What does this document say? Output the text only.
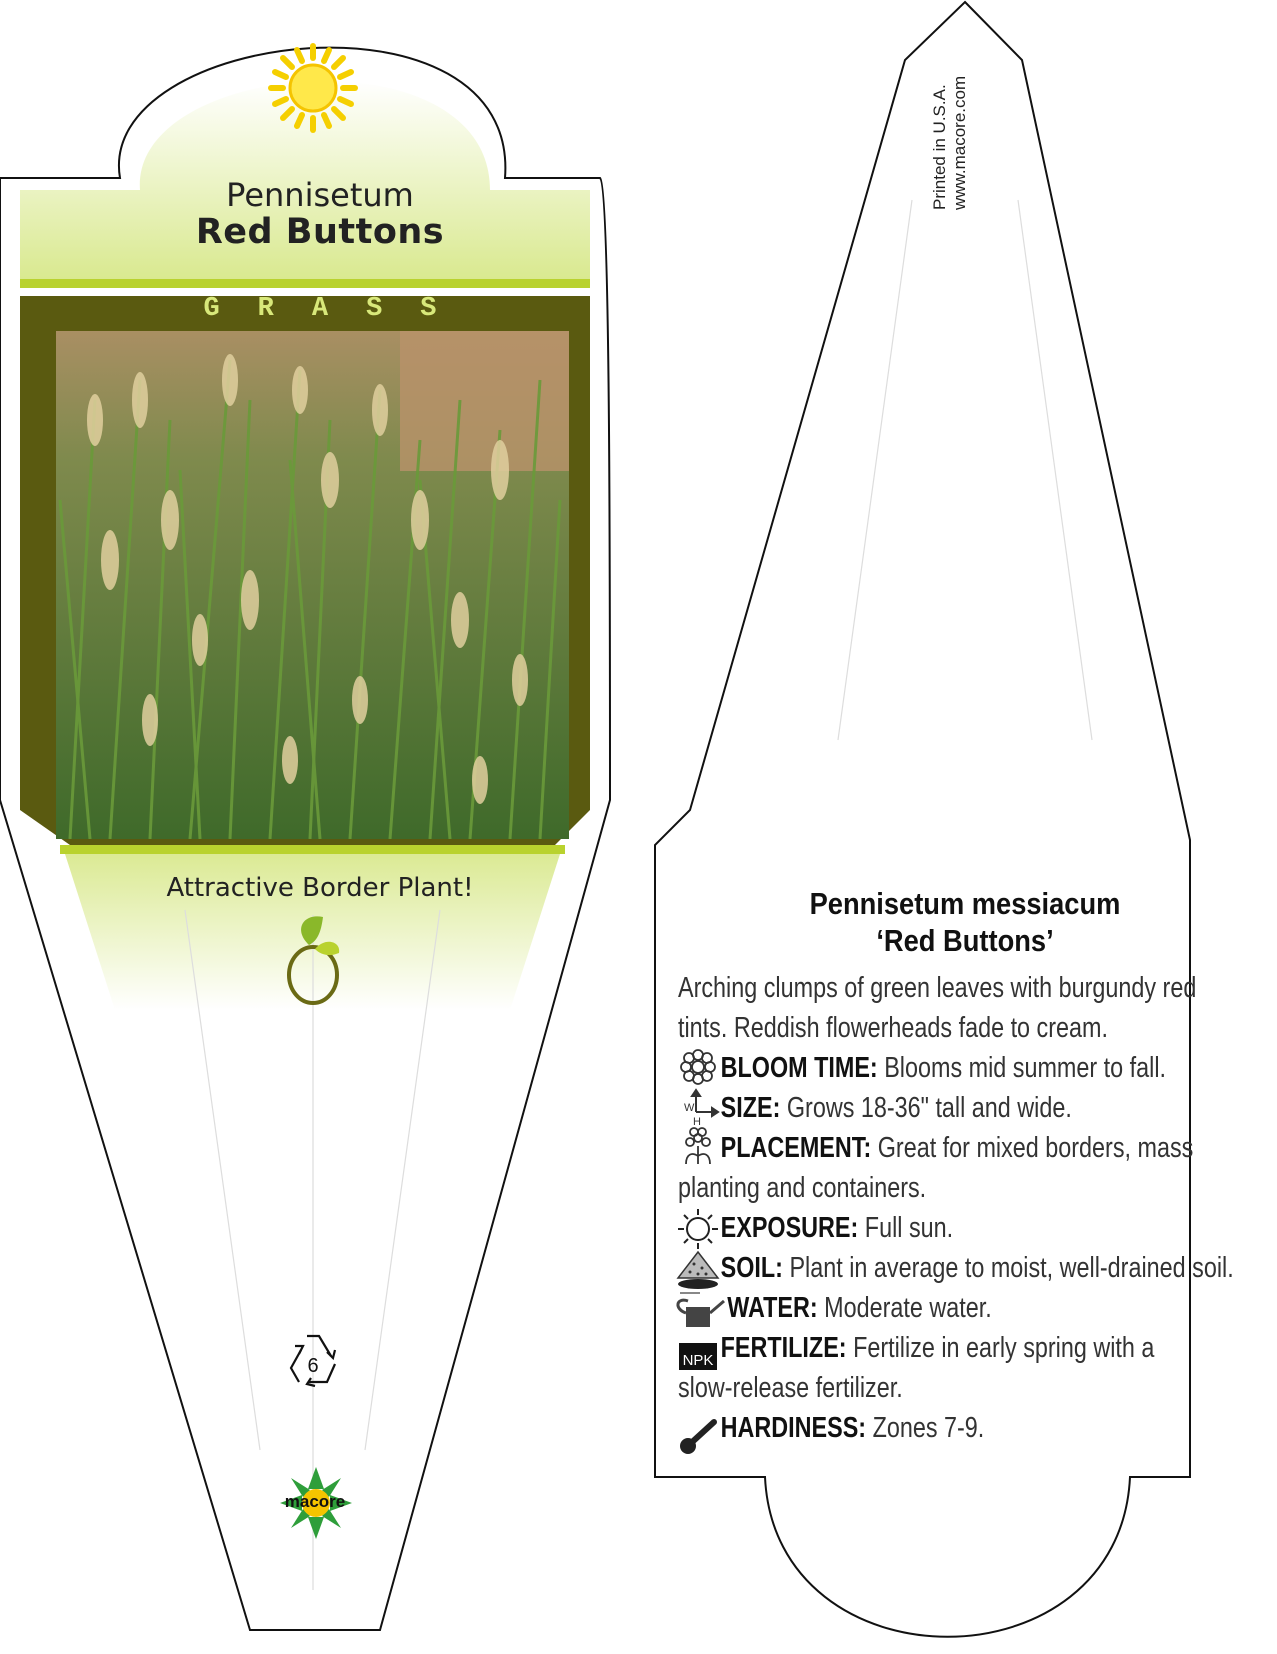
6
W
H
NPK
Pennisetum
Red Buttons
GRASS
Attractive Border Plant!
macore
Printed in U.S.A. www.macore.com
Pennisetum messiacum
‘Red Buttons’
Arching clumps of green leaves with burgundy red
tints. Reddish flowerheads fade to cream.
BLOOM TIME: Blooms mid summer to fall.
SIZE: Grows 18-36" tall and wide.
PLACEMENT: Great for mixed borders, mass
planting and containers.
EXPOSURE: Full sun.
SOIL: Plant in average to moist, well-drained soil.
WATER: Moderate water.
FERTILIZE: Fertilize in early spring with a
slow-release fertilizer.
HARDINESS: Zones 7-9.
